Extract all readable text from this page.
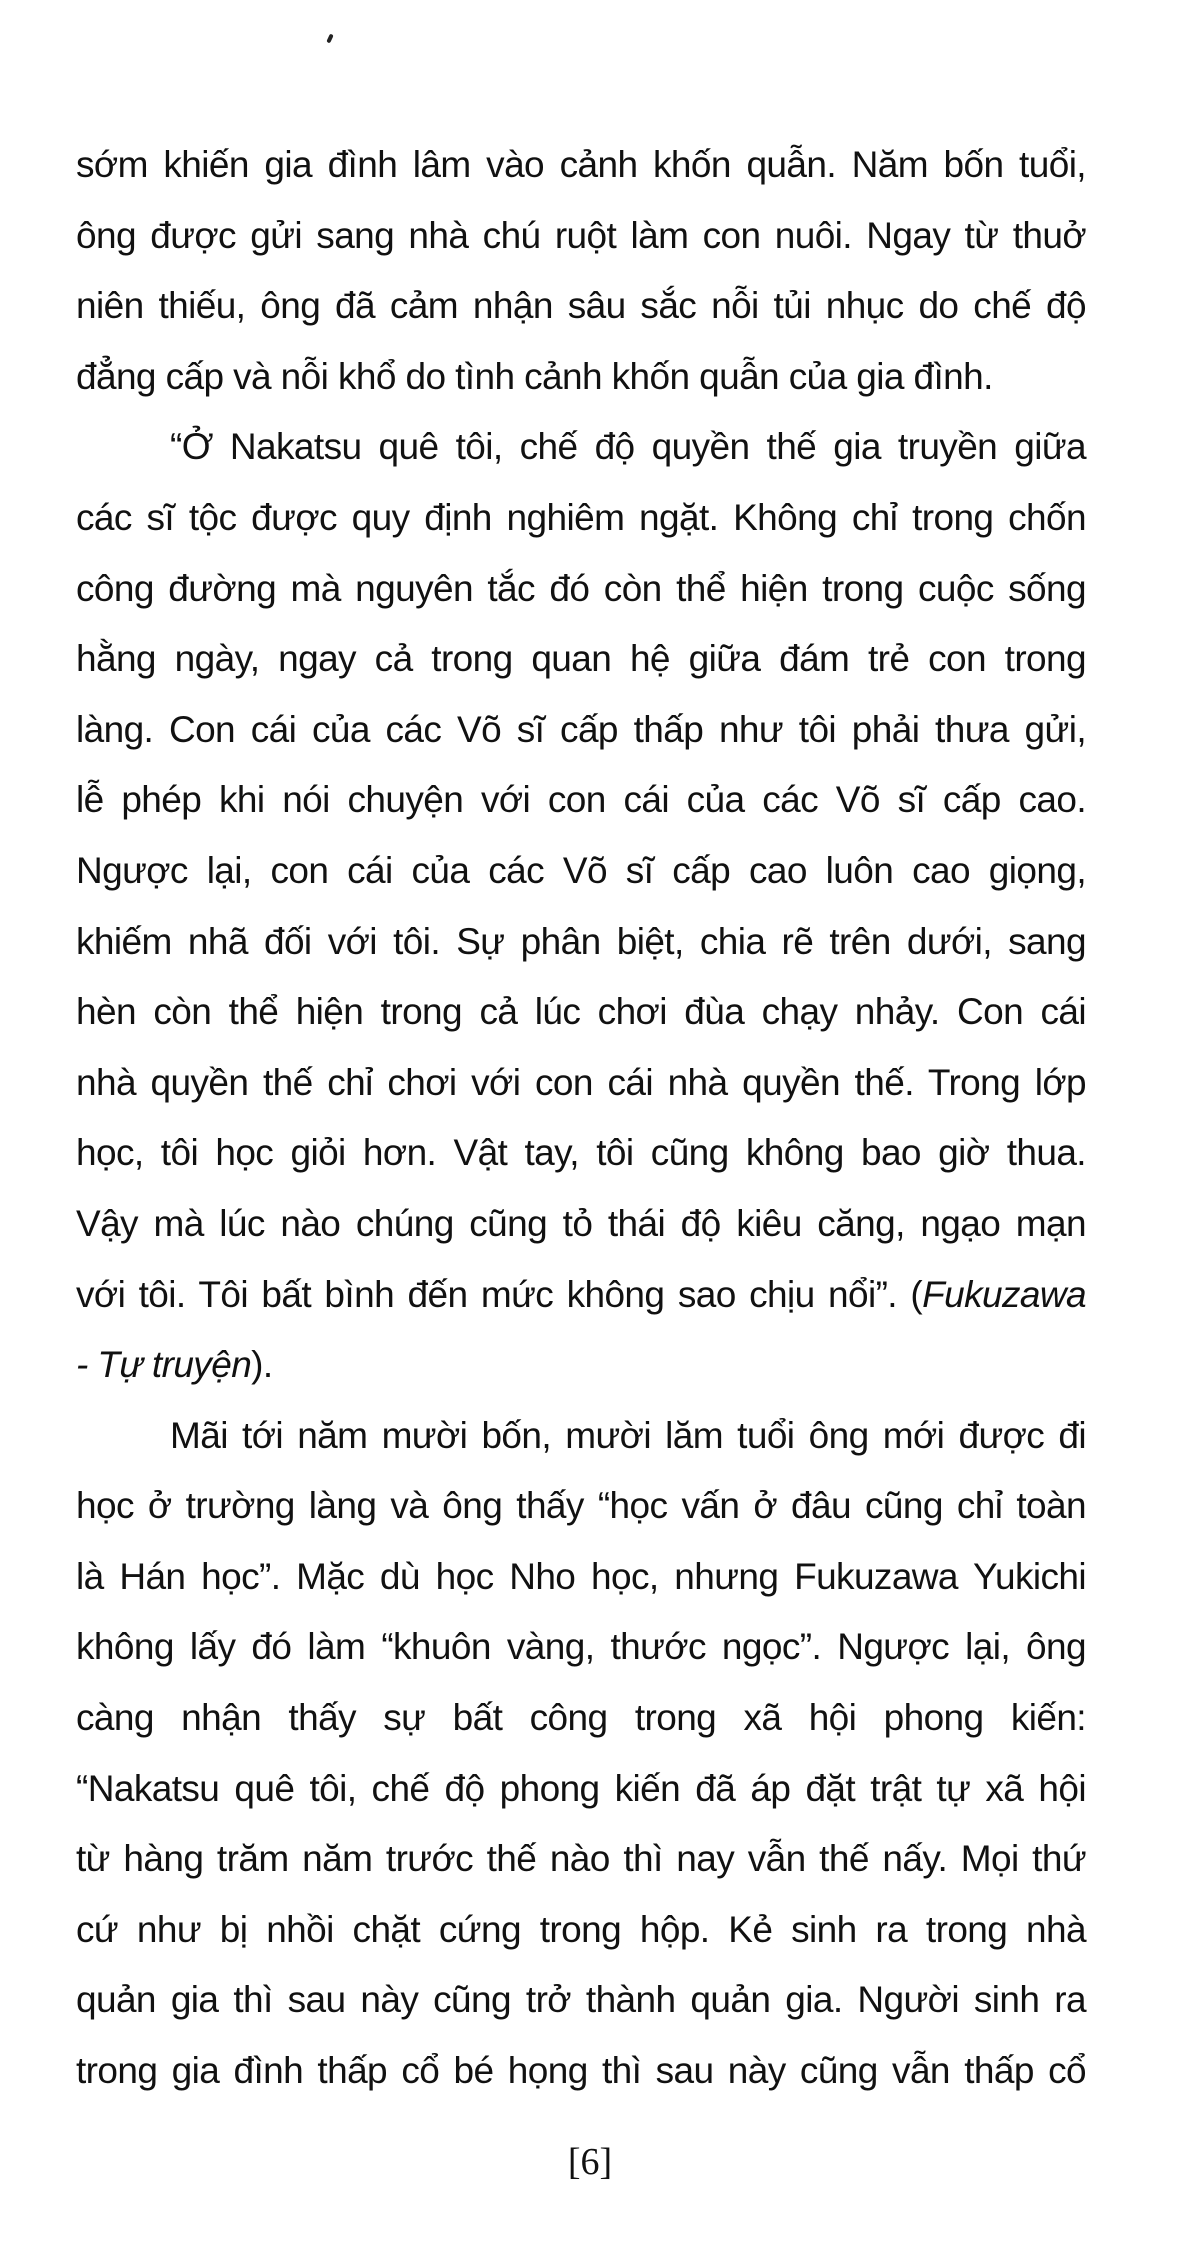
sớm khiến gia đình lâm vào cảnh khốn quẫn. Năm bốn tuổi,
ông được gửi sang nhà chú ruột làm con nuôi. Ngay từ thuở
niên thiếu, ông đã cảm nhận sâu sắc nỗi tủi nhục do chế độ
đẳng cấp và nỗi khổ do tình cảnh khốn quẫn của gia đình.
“Ở Nakatsu quê tôi, chế độ quyền thế gia truyền giữa
các sĩ tộc được quy định nghiêm ngặt. Không chỉ trong chốn
công đường mà nguyên tắc đó còn thể hiện trong cuộc sống
hằng ngày, ngay cả trong quan hệ giữa đám trẻ con trong
làng. Con cái của các Võ sĩ cấp thấp như tôi phải thưa gửi,
lễ phép khi nói chuyện với con cái của các Võ sĩ cấp cao.
Ngược lại, con cái của các Võ sĩ cấp cao luôn cao giọng,
khiếm nhã đối với tôi. Sự phân biệt, chia rẽ trên dưới, sang
hèn còn thể hiện trong cả lúc chơi đùa chạy nhảy. Con cái
nhà quyền thế chỉ chơi với con cái nhà quyền thế. Trong lớp
học, tôi học giỏi hơn. Vật tay, tôi cũng không bao giờ thua.
Vậy mà lúc nào chúng cũng tỏ thái độ kiêu căng, ngạo mạn
với tôi. Tôi bất bình đến mức không sao chịu nổi”. (Fukuzawa
- Tự truyện).
Mãi tới năm mười bốn, mười lăm tuổi ông mới được đi
học ở trường làng và ông thấy “học vấn ở đâu cũng chỉ toàn
là Hán học”. Mặc dù học Nho học, nhưng Fukuzawa Yukichi
không lấy đó làm “khuôn vàng, thước ngọc”. Ngược lại, ông
càng nhận thấy sự bất công trong xã hội phong kiến:
“Nakatsu quê tôi, chế độ phong kiến đã áp đặt trật tự xã hội
từ hàng trăm năm trước thế nào thì nay vẫn thế nấy. Mọi thứ
cứ như bị nhồi chặt cứng trong hộp. Kẻ sinh ra trong nhà
quản gia thì sau này cũng trở thành quản gia. Người sinh ra
trong gia đình thấp cổ bé họng thì sau này cũng vẫn thấp cổ
[6]
